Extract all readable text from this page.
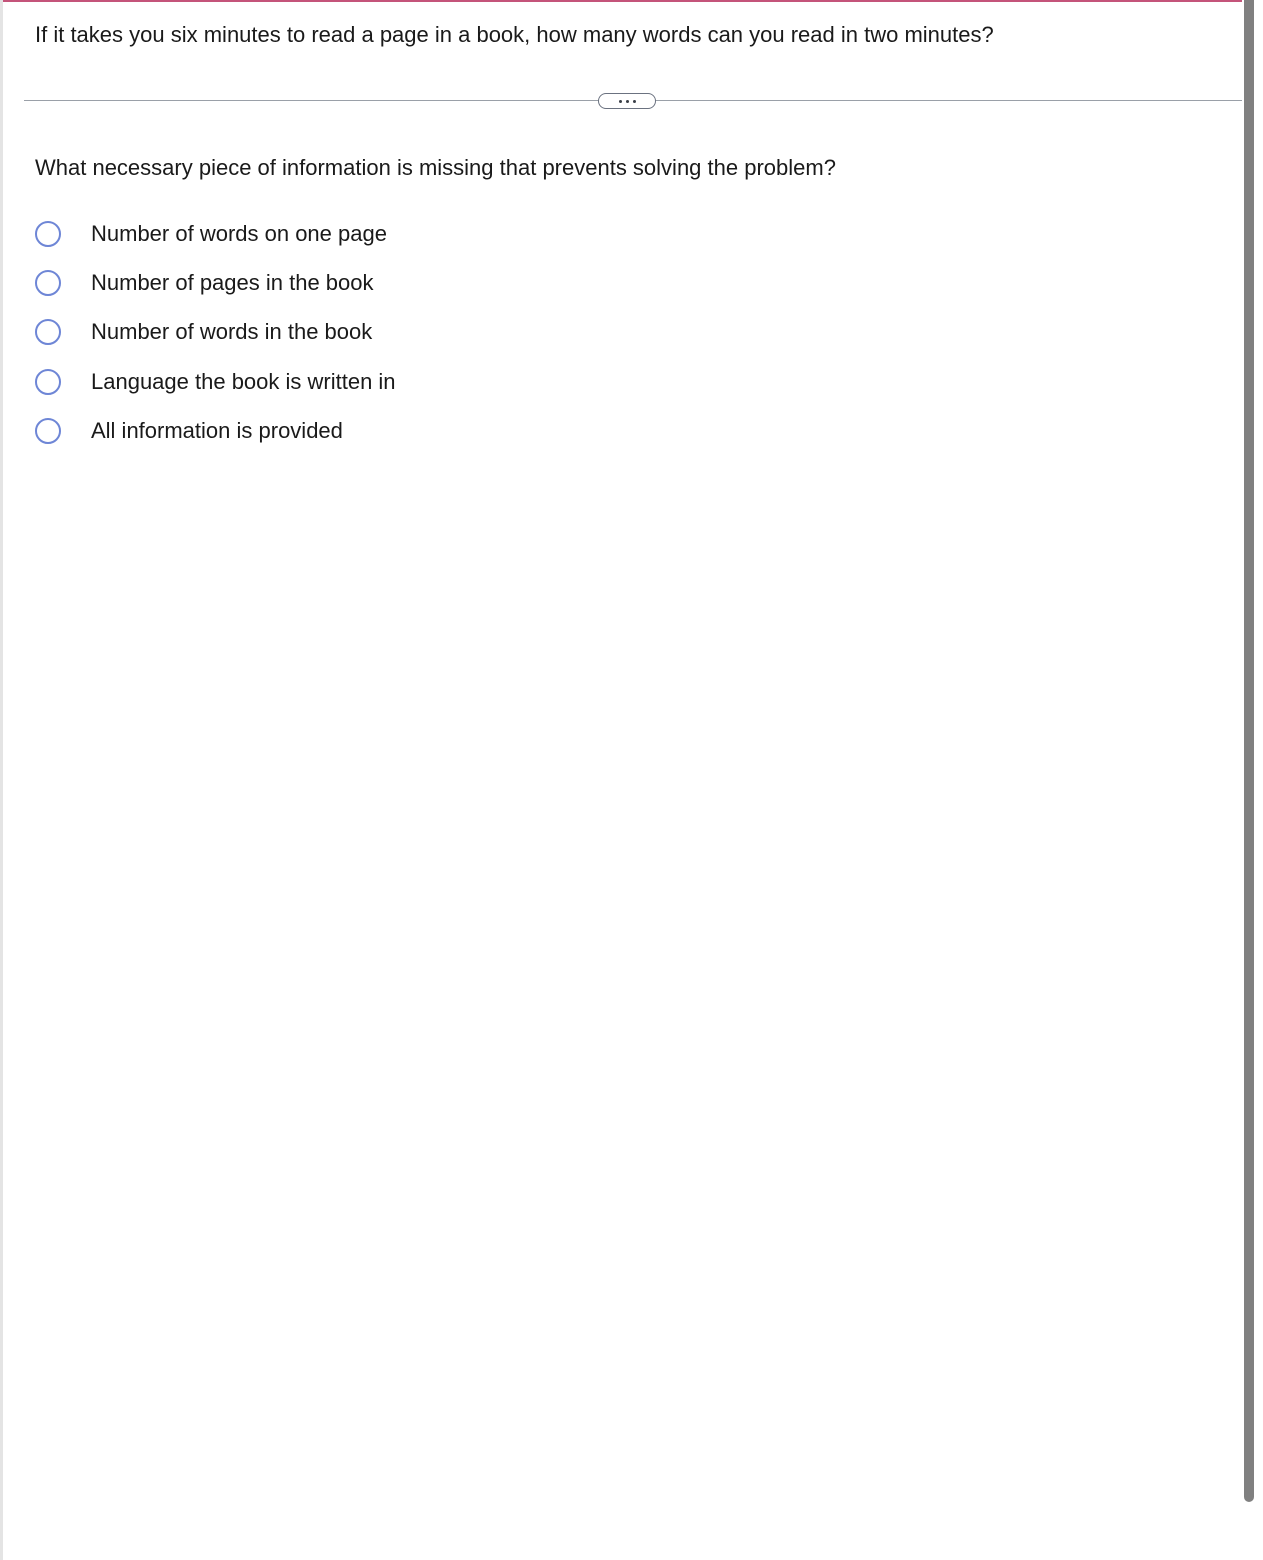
If it takes you six minutes to read a page in a book, how many words can you read in two minutes?

What necessary piece of information is missing that prevents solving the problem?

Number of words on one page
Number of pages in the book
Number of words in the book
Language the book is written in
All information is provided
